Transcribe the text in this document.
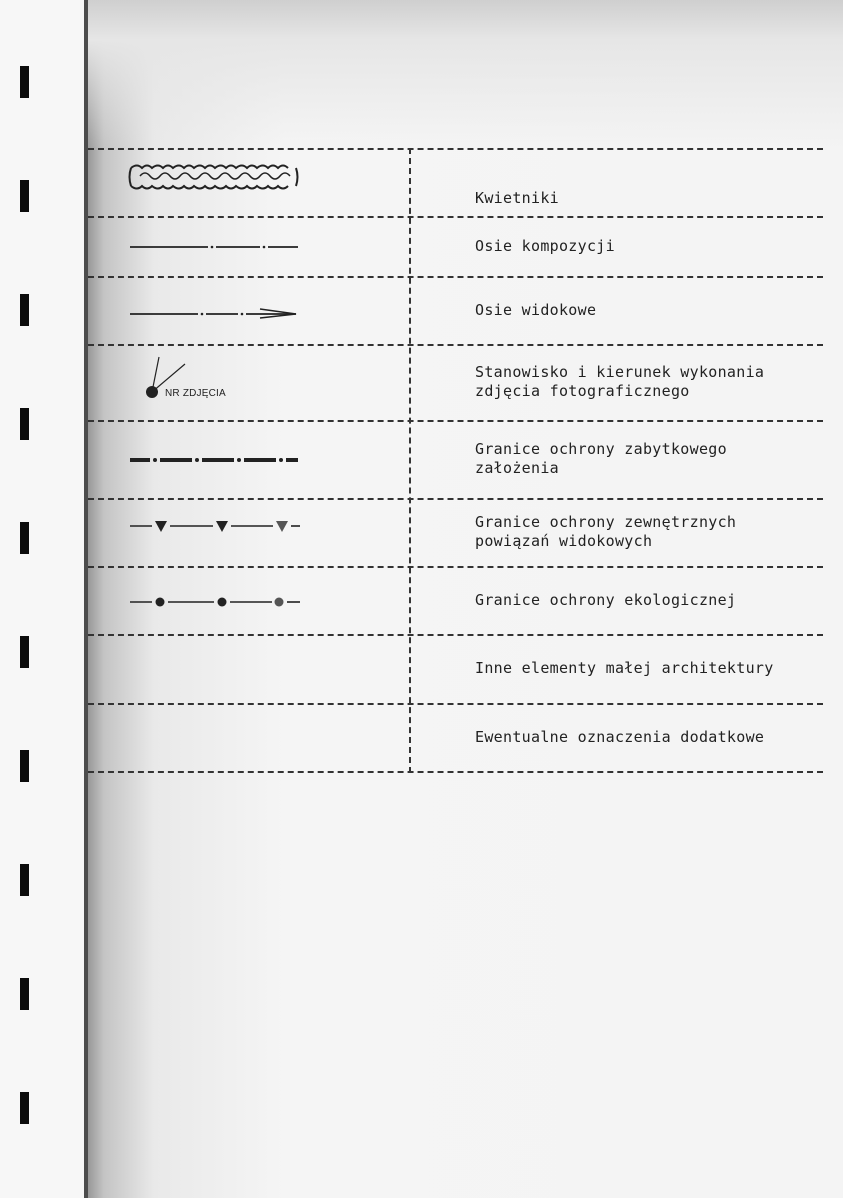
Kwietniki
Osie kompozycji
Osie widokowe
NR ZDJĘCIA
Stanowisko i kierunek wykonania
zdjęcia fotograficznego
Granice ochrony zabytkowego
założenia
Granice ochrony zewnętrznych
powiązań widokowych
Granice ochrony ekologicznej
Inne elementy małej architektury
Ewentualne oznaczenia dodatkowe
